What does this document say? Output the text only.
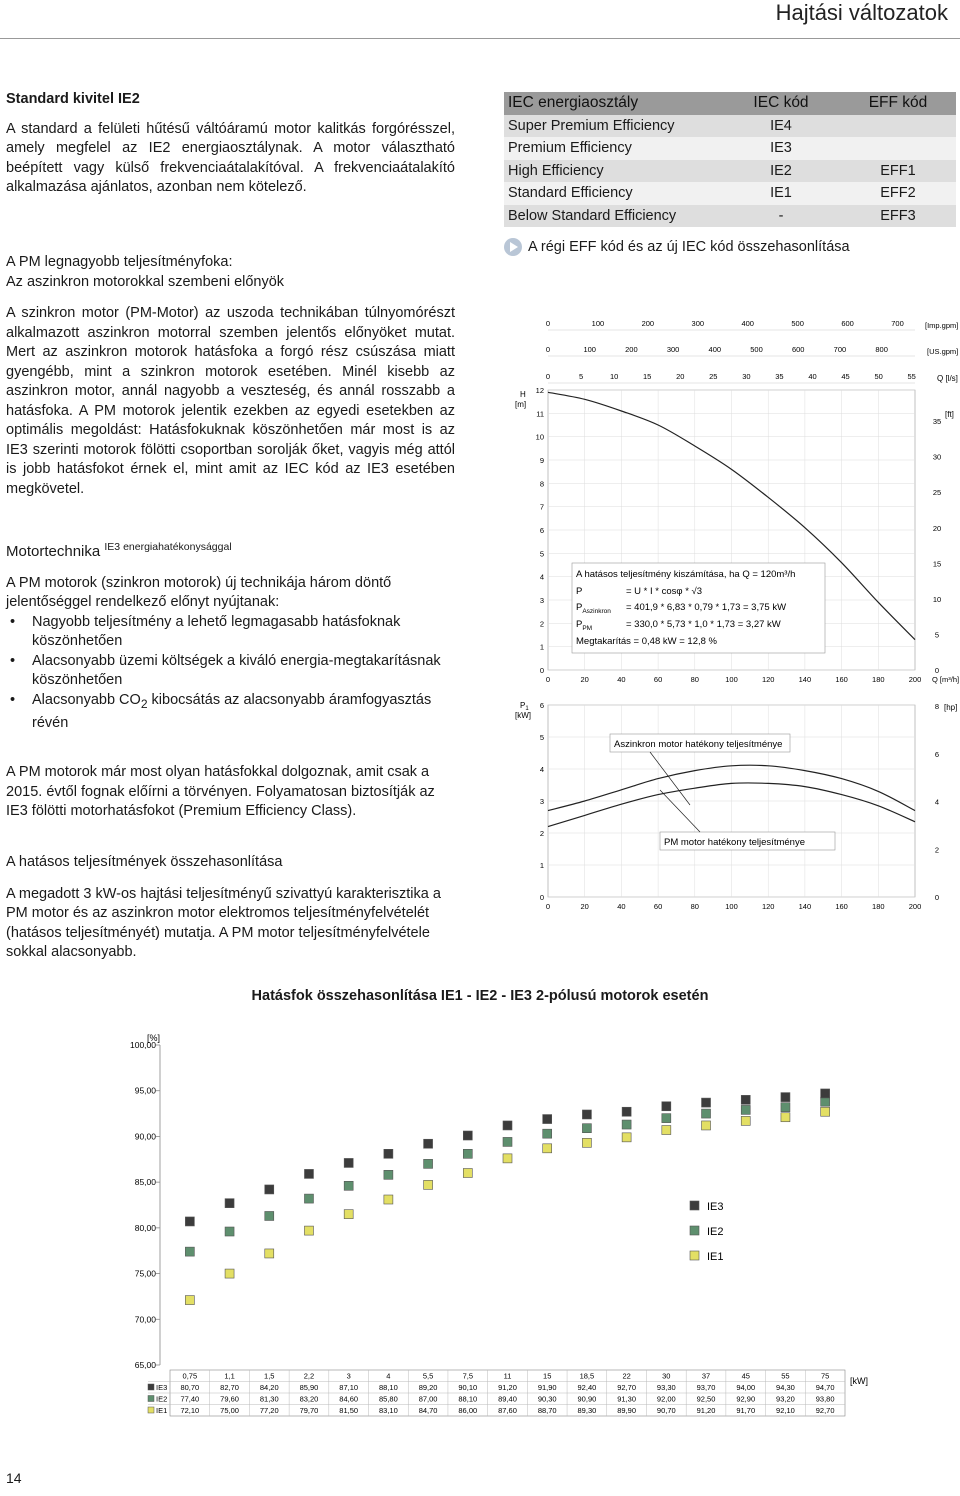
Hajtási változatok
Standard kivitel IE2

A standard a felületi hűtésű váltóáramú motor kalitkás forgórésszel, amely megfelel az IE2 energiaosztálynak. A motor választható beépített vagy külső frekvenciaátalakítóval. A frekvenciaátalakító alkalmazása ajánlatos, azonban nem kötelező.

A PM legnagyobb teljesítményfoka:
Az aszinkron motorokkal szembeni előnyök

A szinkron motor (PM-Motor) az uszoda technikában túlnyomórészt alkalmazott aszinkron motorral szemben jelentős előnyöket mutat. Mert az aszinkron motorok hatásfoka a forgó rész csúszása miatt gyengébb, mint a szinkron motorok esetében. Minél kisebb az aszinkron motor, annál nagyobb a veszteség, és annál rosszabb a hatásfoka. A PM motorok jelentik ezekben az egyedi esetekben az optimális megoldást: Hatásfokuknak köszönhetően már most is az IE3 szerinti motorok fölötti csoportban sorolják őket, vagyis még attól is jobb hatásfokot érnek el, mint amit az IEC kód az IE3 esetében megkövetel.

Motortechnika $^{IE3 energiahatékonysággal}$

A PM motorok (szinkron motorok) új technikája három döntő jelentőséggel rendelkező előnyt nyújtanak:

• Nagyobb teljesítmény a lehető legmagasabb hatásfoknak köszönhetően
• Alacsonyabb üzemi költségek a kiváló energia-megtakarításnak köszönhetően
• Alacsonyabb $CO_2$ kibocsátás az alacsonyabb áramfogyasztás révén

A PM motorok már most olyan hatásfokkal dolgoznak, amit csak a 2015. évtől fognak előírni a törvényen. Folyamatosan biztosítják az IE3 fölötti motorhatásfokot (Premium Efficiency Class).

A hatásos teljesítmények összehasonlítása

A megadott 3 kW-os hajtási teljesítményű szivattyú karakterisztika a PM motor és az aszinkron motor elektromos teljesítményfelvételét (hatásos teljesítményét) mutatja. A PM motor teljesítményfelvétele sokkal alacsonyabb.

IEC energiaosztály	IEC kód	EFF kód
Super Premium Efficiency	IE4	
Premium Efficiency	IE3	
High Efficiency	IE2	EFF1
Standard Efficiency	IE1	EFF2
Below Standard Efficiency	-	EFF3
A régi EFF kód és az új IEC kód összehasonlítása
0	100	200	300	400	500	600	700
0	100	200	300	400	500	600	700	800
0	5	10	15	20	25	30	35	40	45	50	55
12
11
10
9
8
7
6
5
4
3
2
1
0
35
30
25
20
15
10
5
0
0	20	40	60	80	100	120	140	160	180	200
6
5
4
3
2
1
0
8
6
4
2
0
0	20	40	60	80	100	120	140	160	180	200
H
[m]
[ft]
[Imp.gpm]
[US.gpm]
Q [l/s]
Q [m³/h]
$P_1$
[kW]
[hp]
A hatásos teljesítmény kiszámítása, ha Q = 120m³/h
P	= U * I * cosφ * √3
$P_{Aszinkron} = 401,9 * 6,83 * 0,79 * 1,73 = 3,75$ kW
$P_{PM}$	= 330,0 * 5,73 * 1,0 * 1,73 = 3,27 kW
Megtakarítás = 0,48 kW = 12,8 %
Aszinkron motor hatékony teljesítménye
PM motor hatékony teljesítménye
Hatásfok összehasonlítása IE1 - IE2 - IE3 2-pólusú motorok esetén
[%]
[kW]
100,00
95,00
90,00
85,00
80,00
75,00
70,00
65,00
IE3
IE2
IE1
0,75	1,1	1,5	2,2	3	4	5,5	7,5	11	15	18,5	22	30	37	45	55	75
IE3 80,70	82,70	84,20	85,90	87,10	88,10	89,20	90,10	91,20	91,90	92,40	92,70	93,30	93,70	94,00	94,30	94,70
IE2 77,40	79,60	81,30	83,20	84,60	85,80	87,00	88,10	89,40	90,30	90,90	91,30	92,00	92,50	92,90	93,20	93,80
IE1 72,10	75,00	77,20	79,70	81,50	83,10	84,70	86,00	87,60	88,70	89,30	89,90	90,70	91,20	91,70	92,10	92,70
14
